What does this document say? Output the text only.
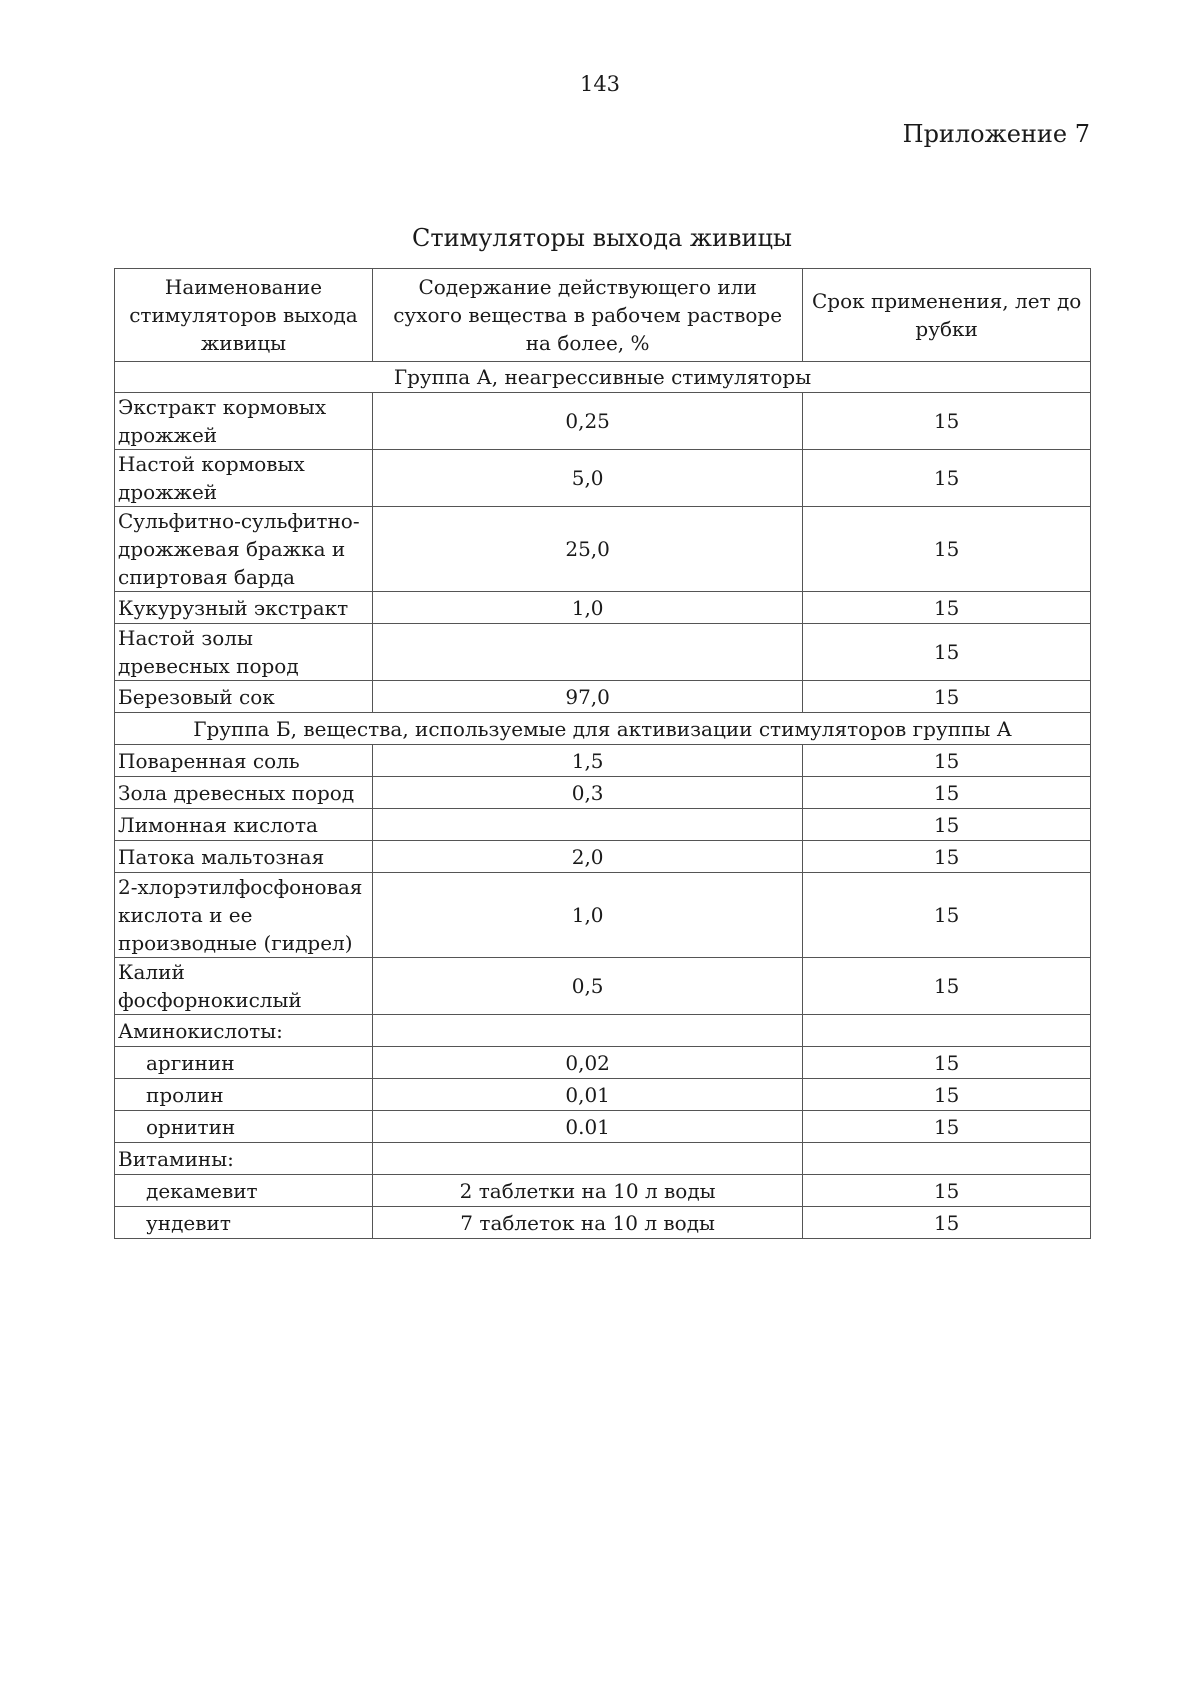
143
Приложение 7
Стимуляторы выхода живицы
Наименование стимуляторов выхода живицы	Содержание действующего или сухого вещества в рабочем растворе на более, %	Срок применения, лет до рубки
Группа А, неагрессивные стимуляторы		
Экстракт кормовых дрожжей	0,25	15
Настой кормовых дрожжей	5,0	15
Сульфитно-сульфитно-дрожжевая бражка и спиртовая барда	25,0	15
Кукурузный экстракт	1,0	15
Настой золы древесных пород		15
Березовый сок	97,0	15
Группа Б, вещества, используемые для активизации стимуляторов группы А		
Поваренная соль	1,5	15
Зола древесных пород	0,3	15
Лимонная кислота		15
Патока мальтозная	2,0	15
2-хлорэтилфосфоновая кислота и ее производные (гидрел)	1,0	15
Калий фосфорнокислый	0,5	15
Аминокислоты:		
аргинин	0,02	15
пролин	0,01	15
орнитин	0.01	15
Витамины:		
декамевит	2 таблетки на 10 л воды	15
ундевит	7 таблеток на 10 л воды	15
